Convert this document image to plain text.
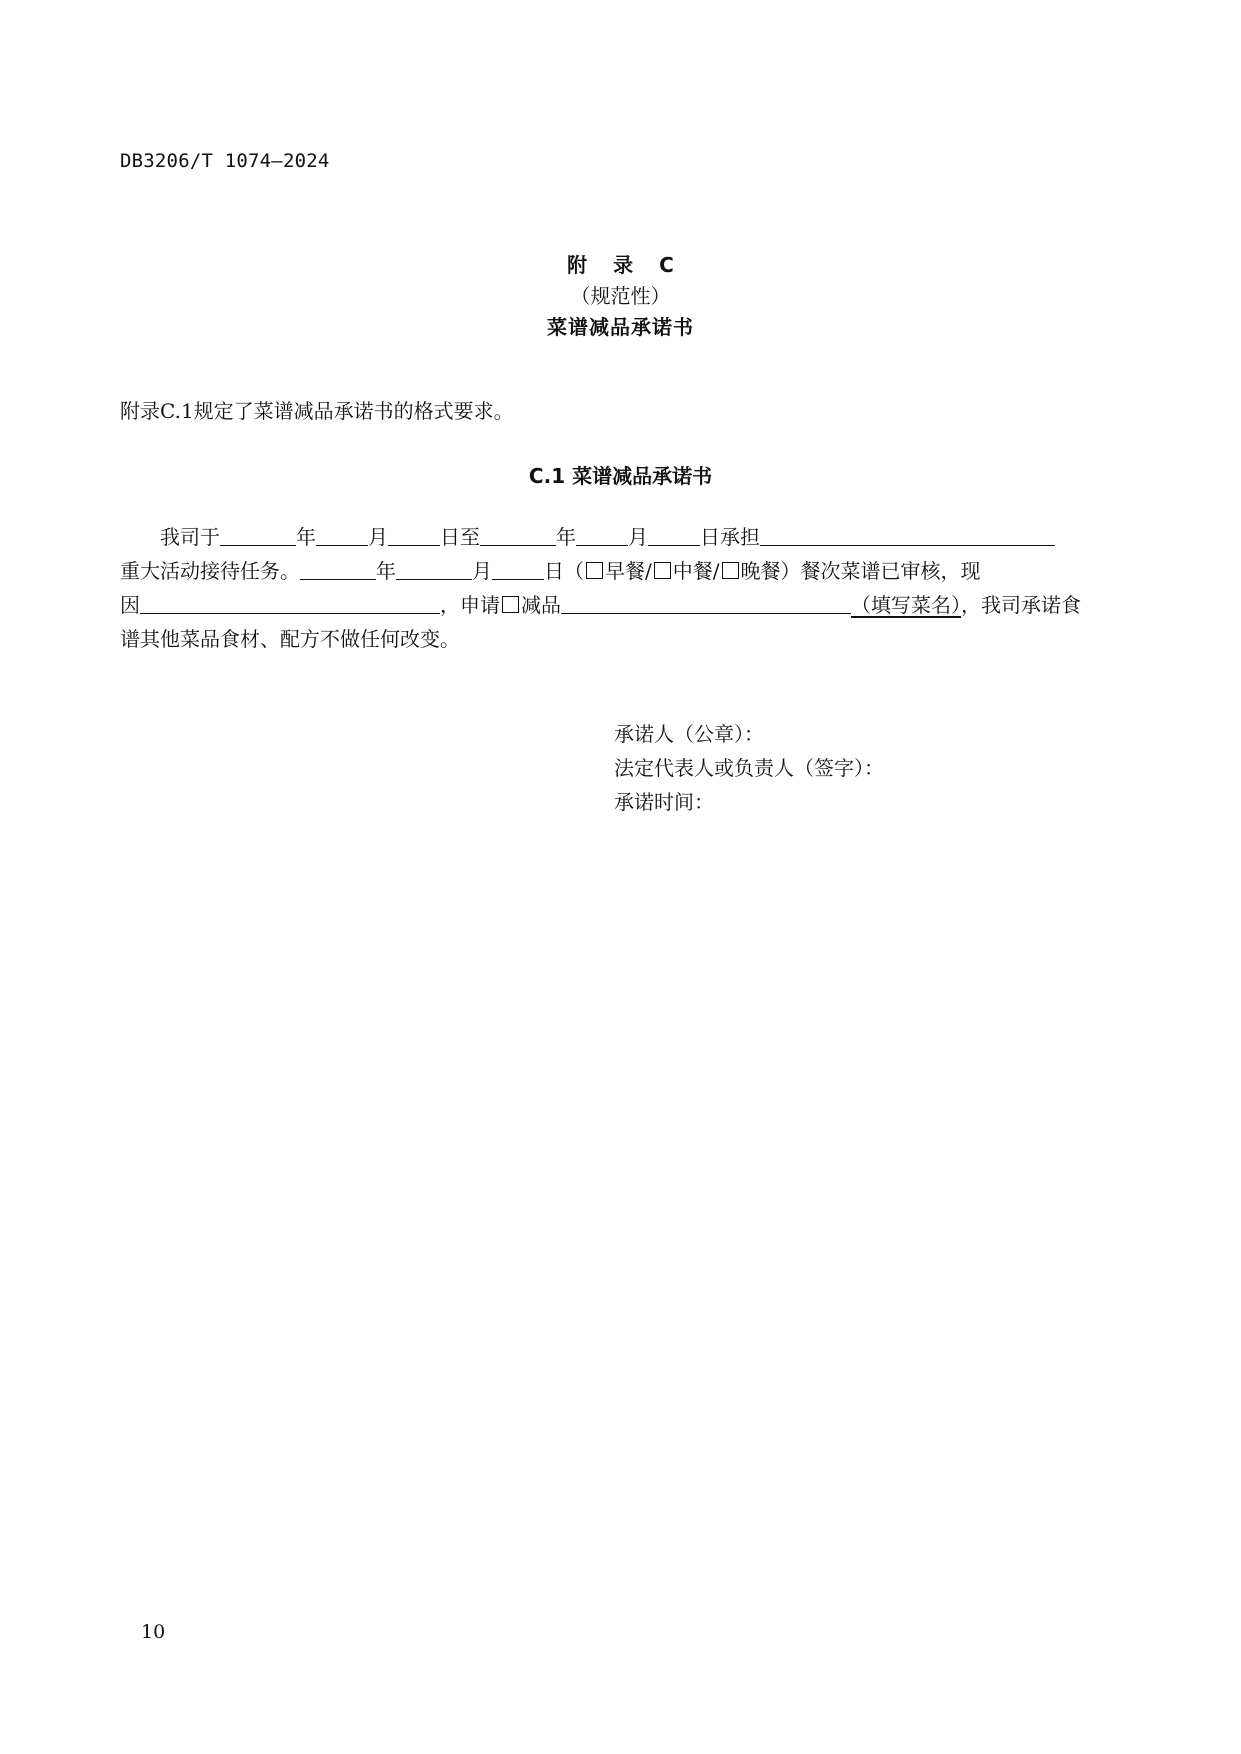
DB3206/T 1074—2024
附录C
（规范性）
菜谱减品承诺书
附录C.1规定了菜谱减品承诺书的格式要求。
C.1 菜谱减品承诺书
我司于	年	月	日至	年	月	日承担
重大活动接待任务。	年	月	日（ 早餐/ 中餐/ 晚餐）餐次菜谱已审核，现
因	，申请 减品	（填写菜名），我司承诺食
谱其他菜品食材、配方不做任何改变。
承诺人（公章）：
法定代表人或负责人（签字）：
承诺时间：
10
